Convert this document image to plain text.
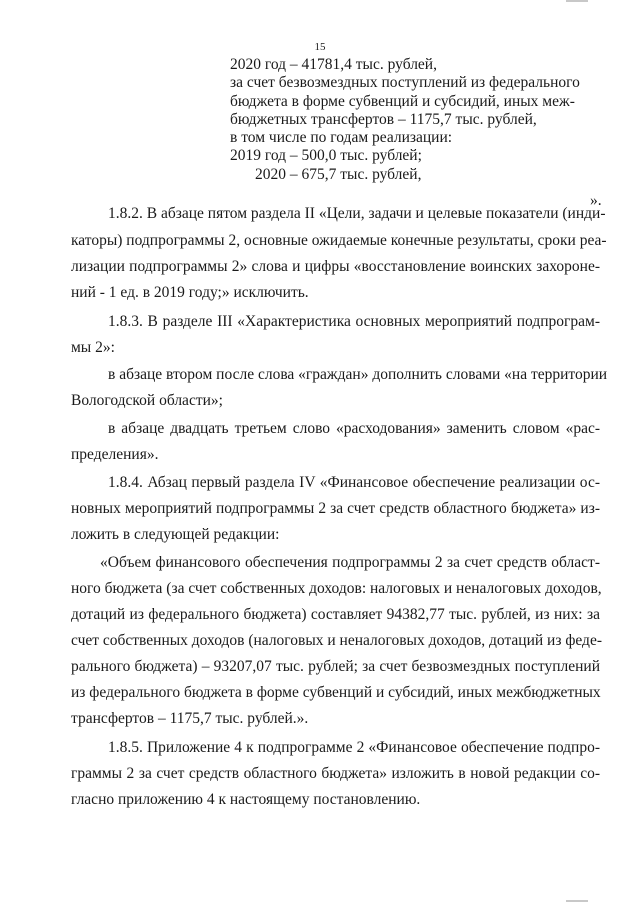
15
2020 год – 41781,4 тыс. рублей,
за счет безвозмездных поступлений из федерального
бюджета в форме субвенций и субсидий, иных меж-
бюджетных трансфертов – 1175,7 тыс. рублей,
в том числе по годам реализации:
2019 год – 500,0 тыс. рублей;
2020 – 675,7 тыс. рублей,
».
1.8.2. В абзаце пятом раздела II «Цели, задачи и целевые показатели (инди-
каторы) подпрограммы 2, основные ожидаемые конечные результаты, сроки реа-
лизации подпрограммы 2» слова и цифры «восстановление воинских захороне-
ний - 1 ед. в 2019 году;» исключить.
1.8.3. В разделе III «Характеристика основных мероприятий подпрограм-
мы 2»:
в абзаце втором после слова «граждан» дополнить словами «на территории
Вологодской области»;
в абзаце двадцать третьем слово «расходования» заменить словом «рас-
пределения».
1.8.4. Абзац первый раздела IV «Финансовое обеспечение реализации ос-
новных мероприятий подпрограммы 2 за счет средств областного бюджета» из-
ложить в следующей редакции:
«Объем финансового обеспечения подпрограммы 2 за счет средств област-
ного бюджета (за счет собственных доходов: налоговых и неналоговых доходов,
дотаций из федерального бюджета) составляет 94382,77 тыс. рублей, из них: за
счет собственных доходов (налоговых и неналоговых доходов, дотаций из феде-
рального бюджета) – 93207,07 тыс. рублей; за счет безвозмездных поступлений
из федерального бюджета в форме субвенций и субсидий, иных межбюджетных
трансфертов – 1175,7 тыс. рублей.».
1.8.5. Приложение 4 к подпрограмме 2 «Финансовое обеспечение подпро-
граммы 2 за счет средств областного бюджета» изложить в новой редакции со-
гласно приложению 4 к настоящему постановлению.
